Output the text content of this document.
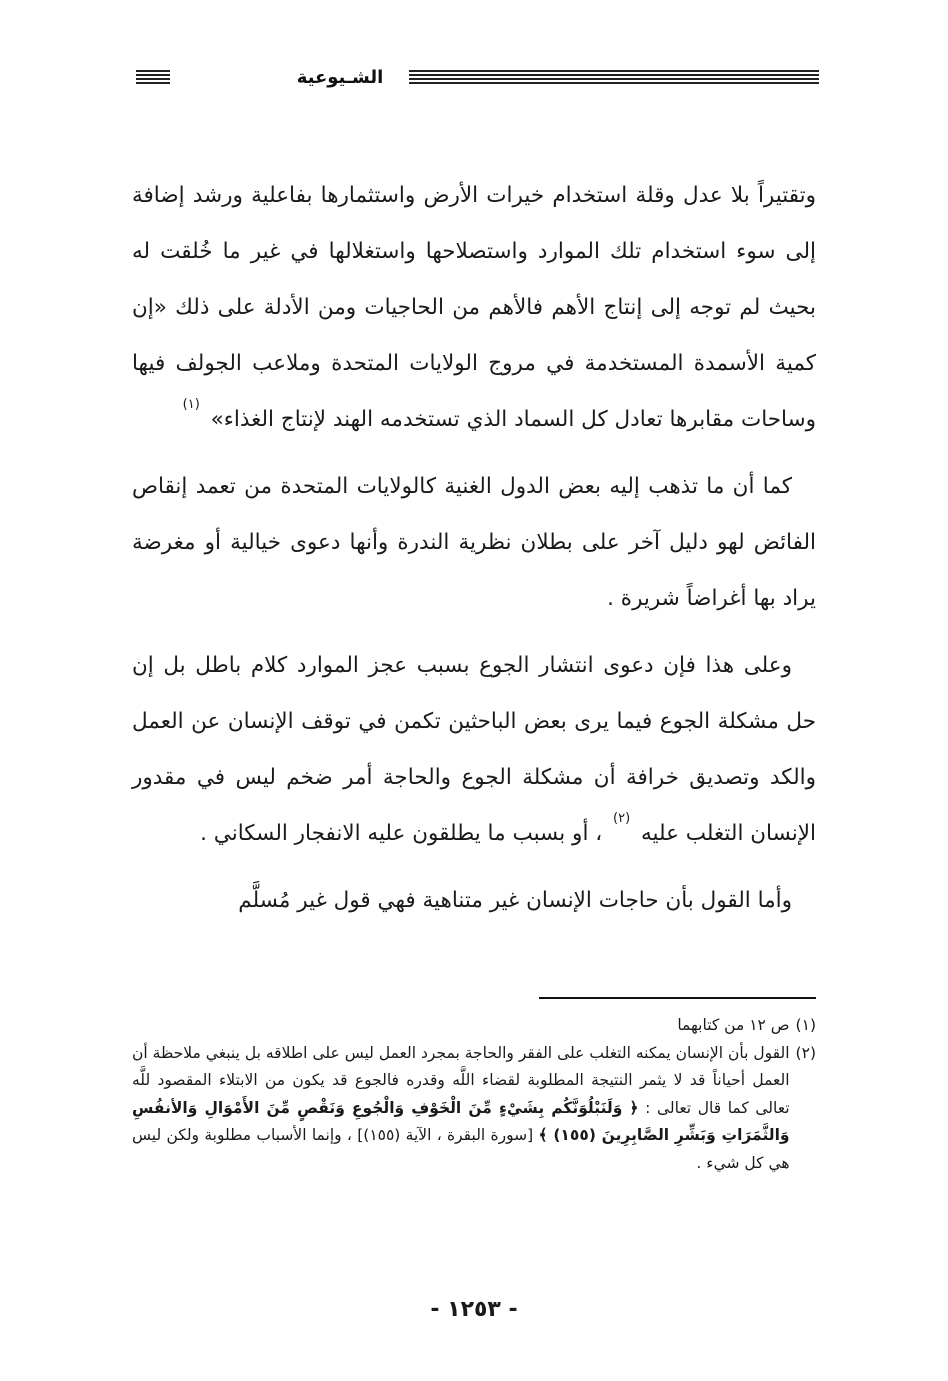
الشـيوعية

وتقتيراً بلا عدل وقلة استخدام خيرات الأرض واستثمارها بفاعلية ورشد إضافة إلى سوء استخدام تلك الموارد واستصلاحها واستغلالها في غير ما خُلقت له بحيث لم توجه إلى إنتاج الأهم فالأهم من الحاجيات ومن الأدلة على ذلك «إن كمية الأسمدة المستخدمة في مروج الولايات المتحدة وملاعب الجولف فيها وساحات مقابرها تعادل كل السماد الذي تستخدمه الهند لإنتاج الغذاء» $^{(١)}$

كما أن ما تذهب إليه بعض الدول الغنية كالولايات المتحدة من تعمد إنقاص الفائض لهو دليل آخر على بطلان نظرية الندرة وأنها دعوى خيالية أو مغرضة يراد بها أغراضاً شريرة .

وعلى هذا فإن دعوى انتشار الجوع بسبب عجز الموارد كلام باطل بل إن حل مشكلة الجوع فيما يرى بعض الباحثين تكمن في توقف الإنسان عن العمل والكد وتصديق خرافة أن مشكلة الجوع والحاجة أمر ضخم ليس في مقدور الإنسان التغلب عليه $^{(٢)}$ ، أو بسبب ما يطلقون عليه الانفجار السكاني .

وأما القول بأن حاجات الإنسان غير متناهية فهي قول غير مُسلَّم

(١)
ص ١٢ من كتابهما
(٢)
القول بأن الإنسان يمكنه التغلب على الفقر والحاجة بمجرد العمل ليس على اطلاقه بل ينبغي ملاحظة أن العمل أحياناً قد لا يثمر النتيجة المطلوبة لقضاء اللَّه وقدره فالجوع قد يكون من الابتلاء المقصود للَّه تعالى كما قال تعالى : ﴿ وَلَنَبْلُوَنَّكُم بِشَيْءٍ مِّنَ الْخَوْفِ وَالْجُوعِ وَنَقْصٍ مِّنَ الأَمْوَالِ وَالأنفُسِ وَالثَّمَرَاتِ وَبَشِّرِ الصَّابِرِينَ (١٥٥) ﴾ [سورة البقرة ، الآية (١٥٥)] ، وإنما الأسباب مطلوبة ولكن ليس هي كل شيء .
- ١٢٥٣ -
